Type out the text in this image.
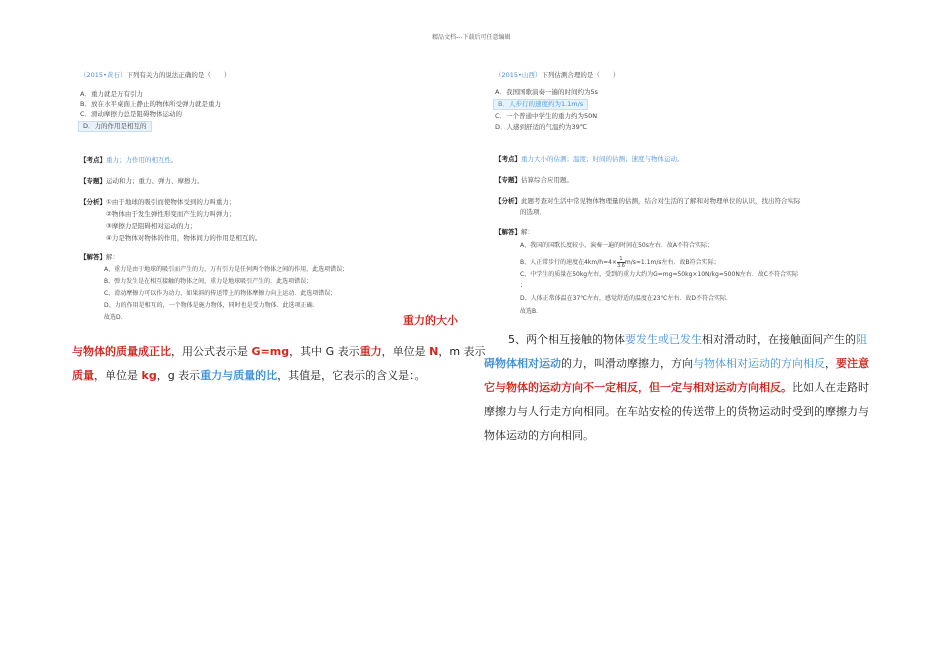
精品文档---下载后可任意编辑
（2015•黄石）下列有关力的说法正确的是（　　）
A．重力就是万有引力
B．放在水平桌面上静止的物体所受弹力就是重力
C．滑动摩擦力总是阻碍物体运动的
D．力的作用是相互的
【考点】重力；力作用的相互性。
【专题】运动和力；重力、弹力、摩擦力。
【分析】①由于地球的吸引而使物体受到的力叫重力；
②物体由于发生弹性形变而产生的力叫弹力；
③摩擦力是阻碍相对运动的力；
④力是物体对物体的作用，物体间力的作用是相互的。
【解答】解：
A、重力是由于地球的吸引而产生的力，万有引力是任何两个物体之间的作用，此选项错误；
B、弹力发生是在相互接触的物体之间，重力是地球吸引产生的．此选项错误；
C、滑动摩擦力可以作为动力，如果斜的传送带上的物体摩擦力向上运动．此选项错误；
D、力的作用是相互的，一个物体是施力物体，同时也是受力物体．此选项正确．
故选D．	重力的大小
与物体的质量成正比，用公式表示是 G=mg，其中 G 表示重力，单位是 N，m 表示
质量，单位是 kg，g 表示重力与质量的比，其值是，它表示的含义是：。
（2015•山西）下列估测合理的是（　　）
A．我国国歌演奏一遍的时间约为5s
B．人步行的速度约为1.1m/s
C．一个普通中学生的重力约为50N
D．人感到舒适的气温约为39℃
【考点】重力大小的估测；温度；时间的估测；速度与物体运动。
【专题】估算综合应用题。
【分析】此题考查对生活中常见物体物理量的估测，结合对生活的了解和对物理单位的认识，找出符合实际
的选项．
【解答】解：
A、我国的国歌长度较小，演奏一遍的时间在50s左右．故A不符合实际；
B、人正常步行的速度在$4km/h=4\times \frac{1}{3.6} m/s\approx 1.1m/s$左右．故B符合实际；
C、中学生的质量在50kg左右，受到的重力大约为G=mg=50kg×10N/kg=500N左右．故C不符合实际
；
D、人体正常体温在37℃左右，感觉舒适的温度在23℃左右．故D不符合实际．
故选B．
5、两个相互接触的物体要发生或已发生相对滑动时，在接触面间产生的阻
碍物体相对运动的力，叫滑动摩擦力，方向与物体相对运动的方向相反，要注意
它与物体的运动方向不一定相反，但一定与相对运动方向相反。比如人在走路时
摩擦力与人行走方向相同。在车站安检的传送带上的货物运动时受到的摩擦力与
物体运动的方向相同。
